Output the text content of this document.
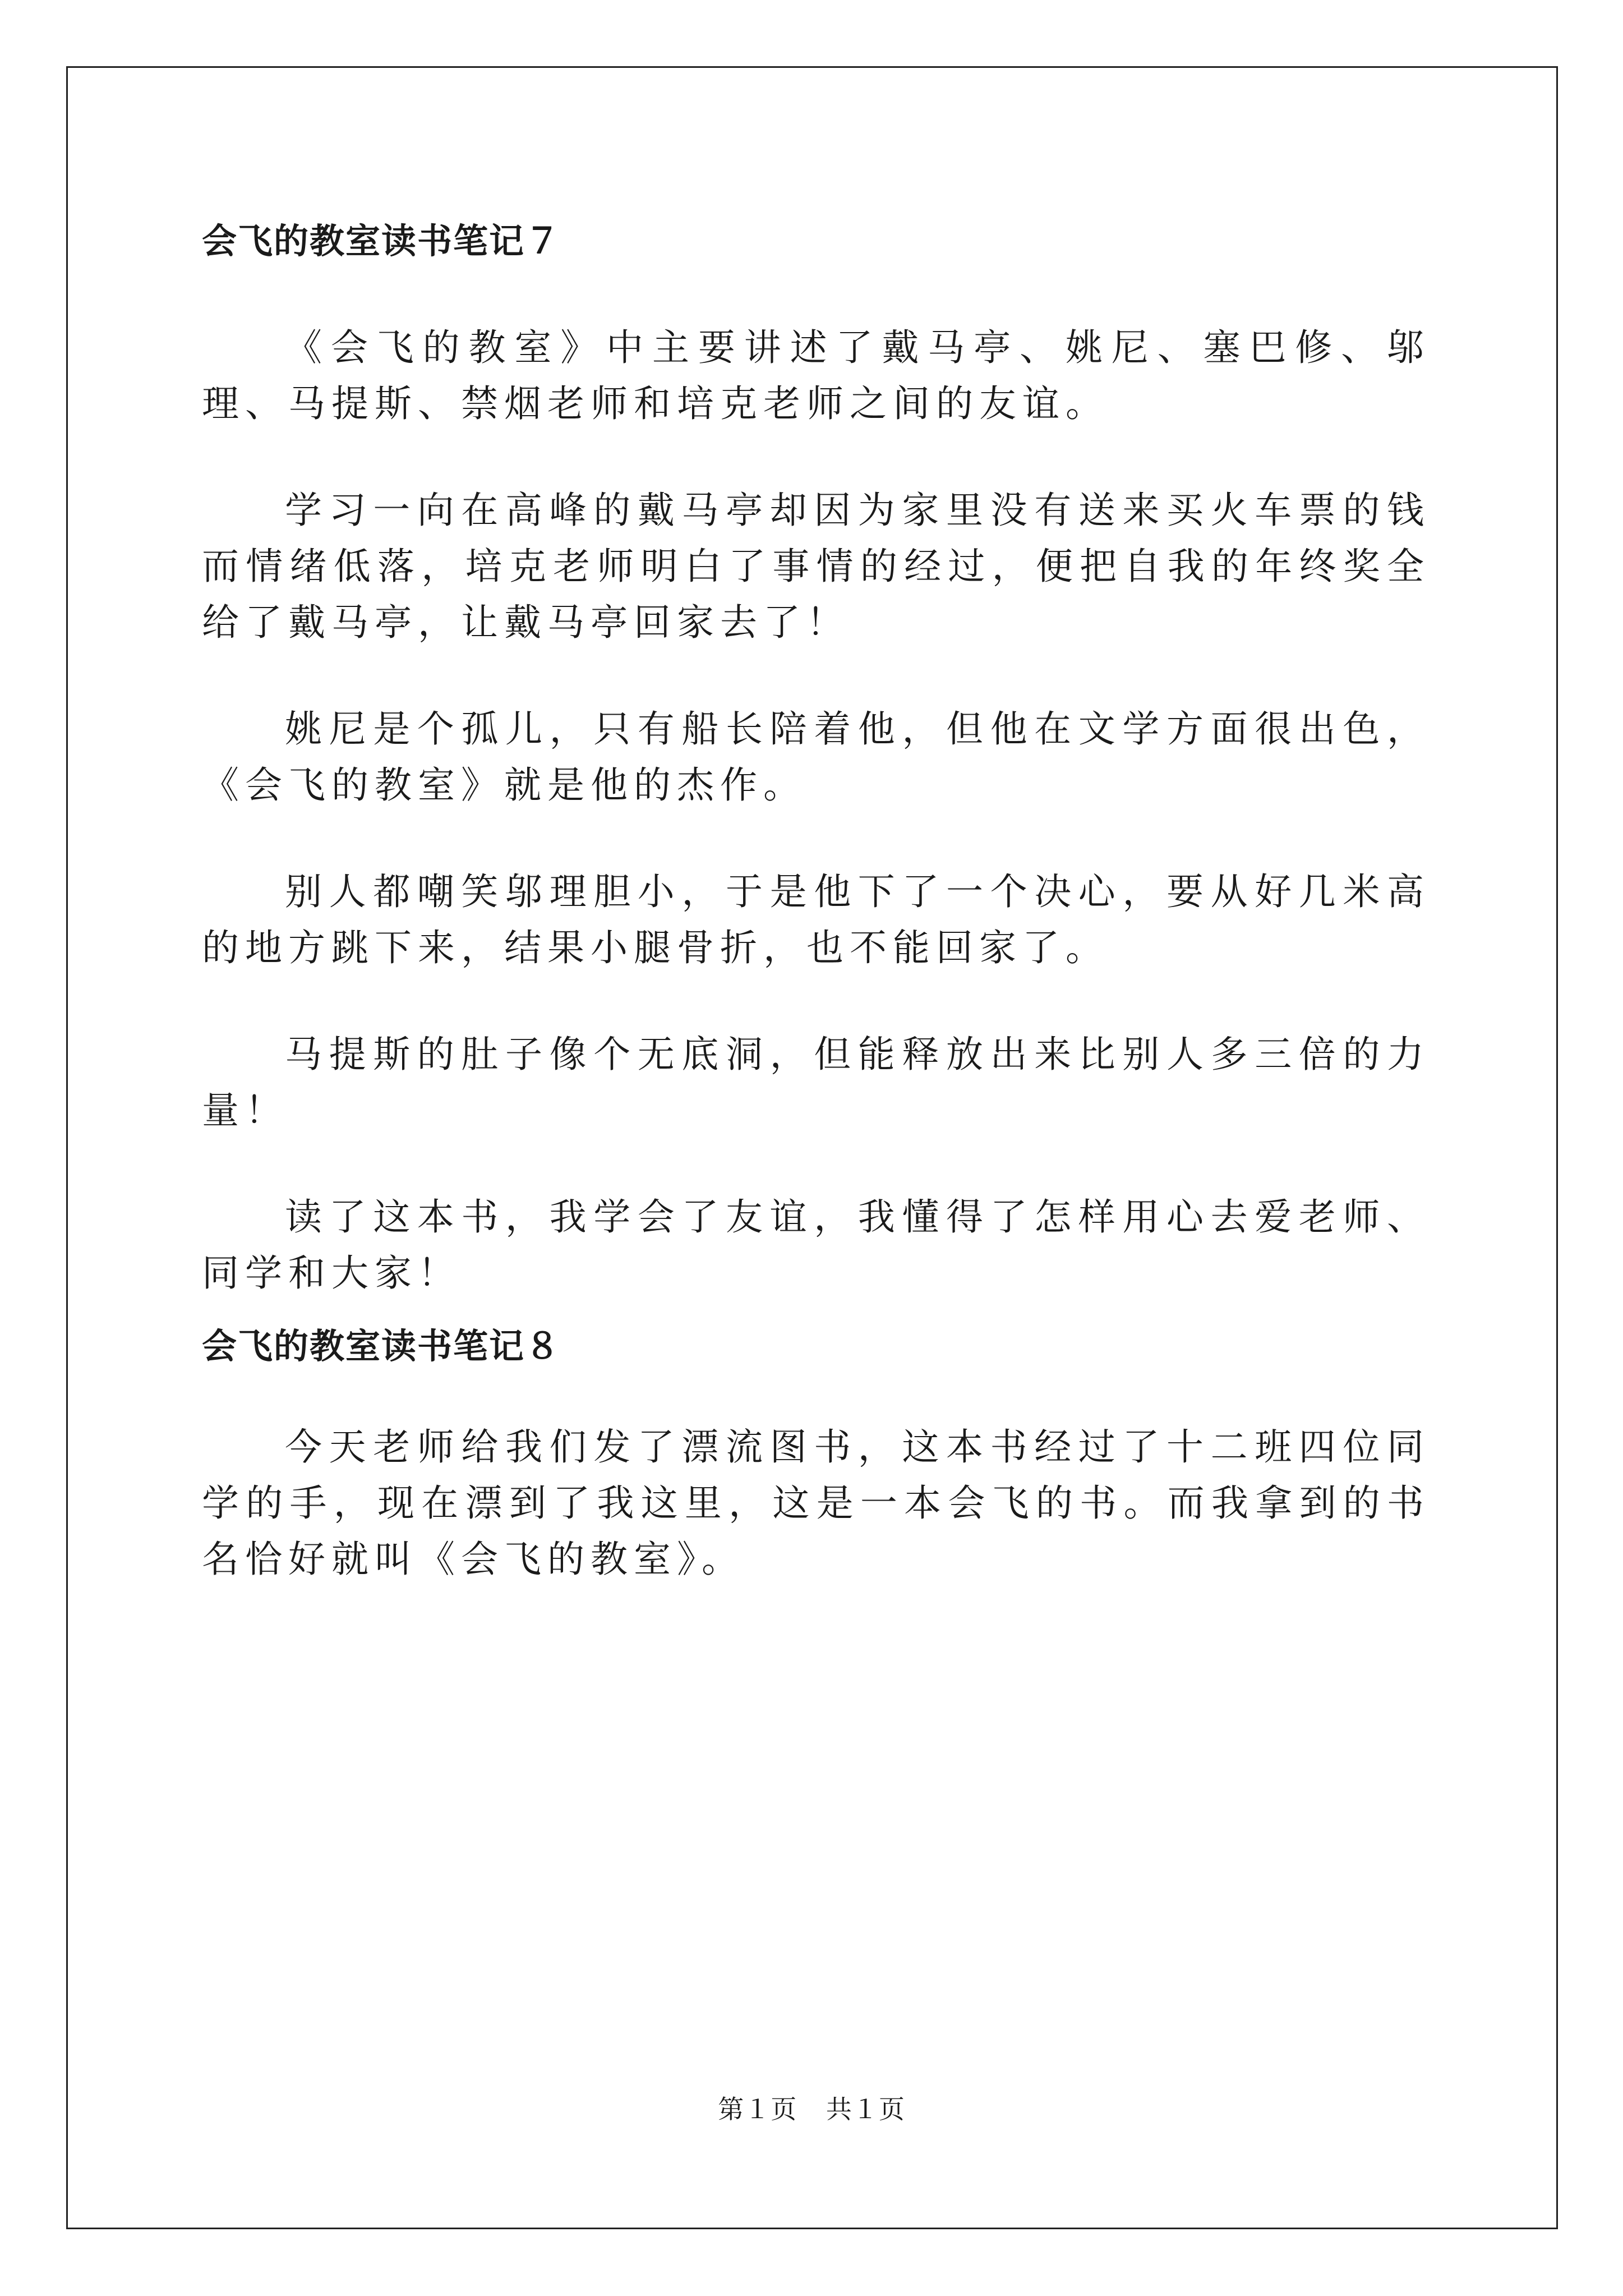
会飞的教室读书笔记７

《会飞的教室》中主要讲述了戴马亭、姚尼、塞巴修、邬理、马提斯、禁烟老师和培克老师之间的友谊。

学习一向在高峰的戴马亭却因为家里没有送来买火车票的钱而情绪低落，培克老师明白了事情的经过，便把自我的年终奖全给了戴马亭，让戴马亭回家去了！

姚尼是个孤儿，只有船长陪着他，但他在文学方面很出色，《会飞的教室》就是他的杰作。

别人都嘲笑邬理胆小，于是他下了一个决心，要从好几米高的地方跳下来，结果小腿骨折，也不能回家了。

马提斯的肚子像个无底洞，但能释放出来比别人多三倍的力量！

读了这本书，我学会了友谊，我懂得了怎样用心去爱老师、同学和大家！

会飞的教室读书笔记８

今天老师给我们发了漂流图书，这本书经过了十二班四位同学的手，现在漂到了我这里，这是一本会飞的书。而我拿到的书名恰好就叫《会飞的教室》。

第１页 共１页
